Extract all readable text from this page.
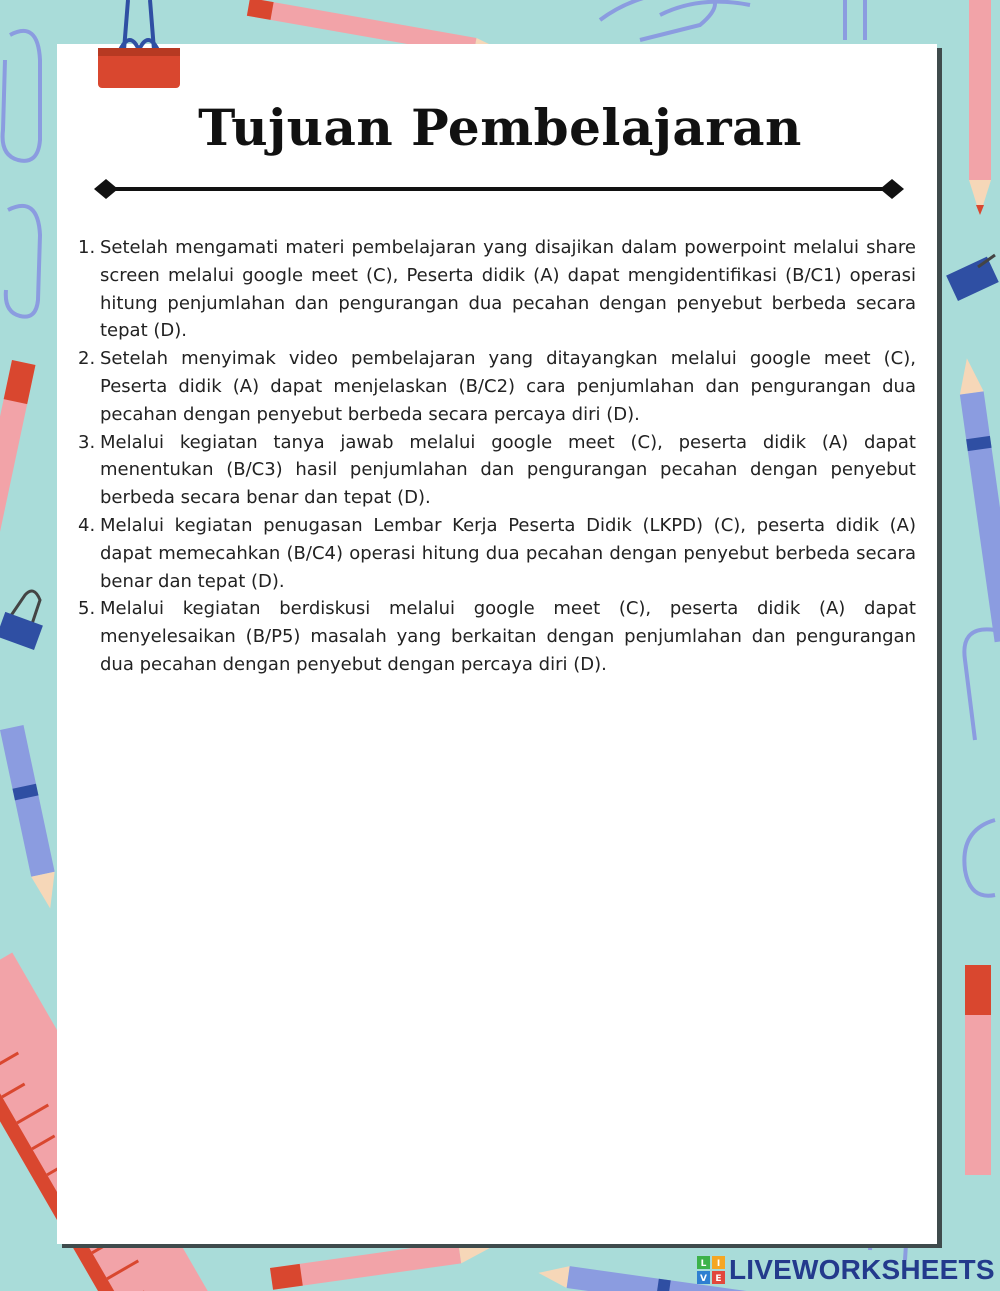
Tujuan Pembelajaran
1. Setelah mengamati materi pembelajaran yang disajikan dalam powerpoint melalui share screen melalui google meet (C), Peserta didik (A) dapat mengidentifikasi (B/C1) operasi hitung penjumlahan dan pengurangan dua pecahan dengan penyebut berbeda secara tepat (D).
2. Setelah menyimak video pembelajaran yang ditayangkan melalui google meet (C), Peserta didik (A) dapat menjelaskan (B/C2) cara penjumlahan dan pengurangan dua pecahan dengan penyebut berbeda secara percaya diri (D).
3. Melalui kegiatan tanya jawab melalui google meet (C), peserta didik (A) dapat menentukan (B/C3) hasil penjumlahan dan pengurangan pecahan dengan penyebut berbeda secara benar dan tepat (D).
4. Melalui kegiatan penugasan Lembar Kerja Peserta Didik (LKPD) (C), peserta didik (A) dapat memecahkan (B/C4) operasi hitung dua pecahan dengan penyebut berbeda secara benar dan tepat (D).
5. Melalui kegiatan berdiskusi melalui google meet (C), peserta didik (A) dapat menyelesaikan (B/P5) masalah yang berkaitan dengan penjumlahan dan pengurangan dua pecahan dengan penyebut dengan percaya diri (D).
L I
V E LIVEWORKSHEETS
